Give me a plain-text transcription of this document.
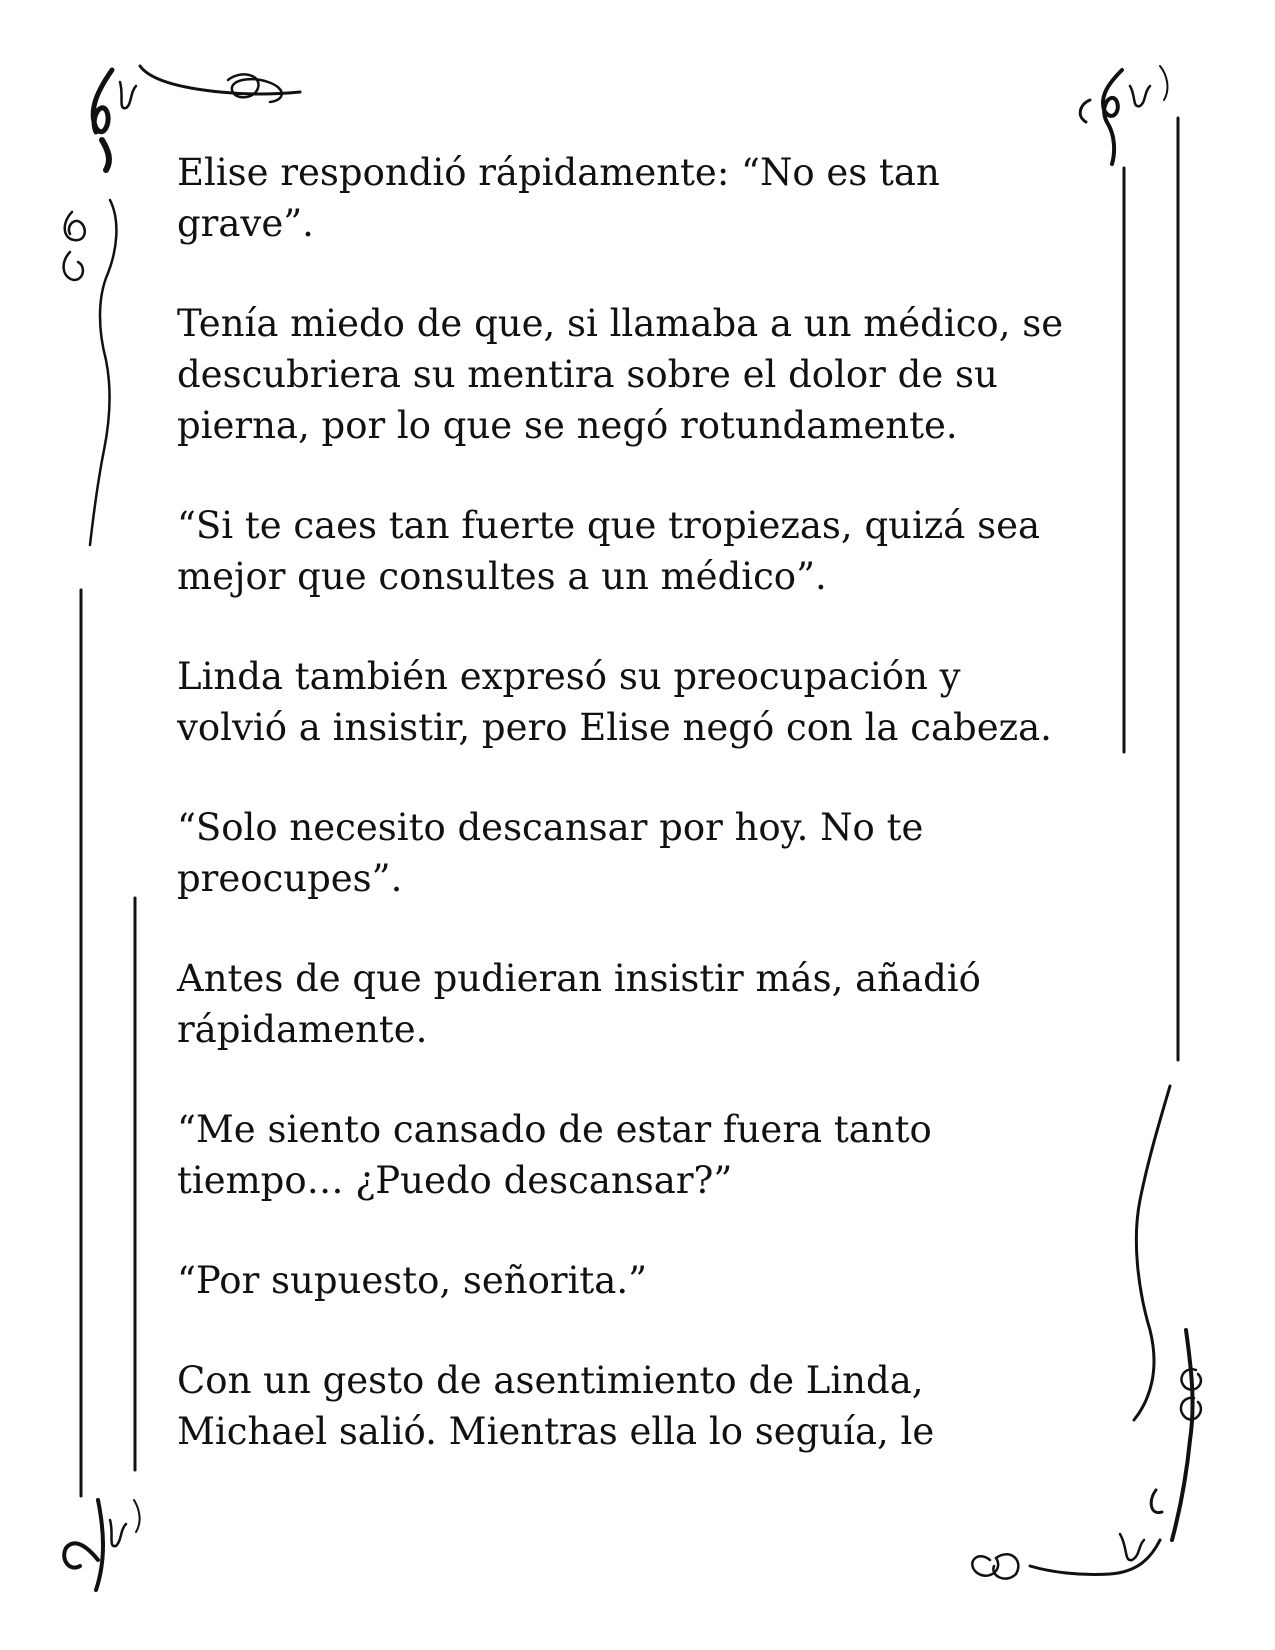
Elise respondió rápidamente: “No es tan
grave”.

Tenía miedo de que, si llamaba a un médico, se
descubriera su mentira sobre el dolor de su
pierna, por lo que se negó rotundamente.

“Si te caes tan fuerte que tropiezas, quizá sea
mejor que consultes a un médico”.

Linda también expresó su preocupación y
volvió a insistir, pero Elise negó con la cabeza.

“Solo necesito descansar por hoy. No te
preocupes”.

Antes de que pudieran insistir más, añadió
rápidamente.

“Me siento cansado de estar fuera tanto
tiempo… ¿Puedo descansar?”

“Por supuesto, señorita.”

Con un gesto de asentimiento de Linda,
Michael salió. Mientras ella lo seguía, le
